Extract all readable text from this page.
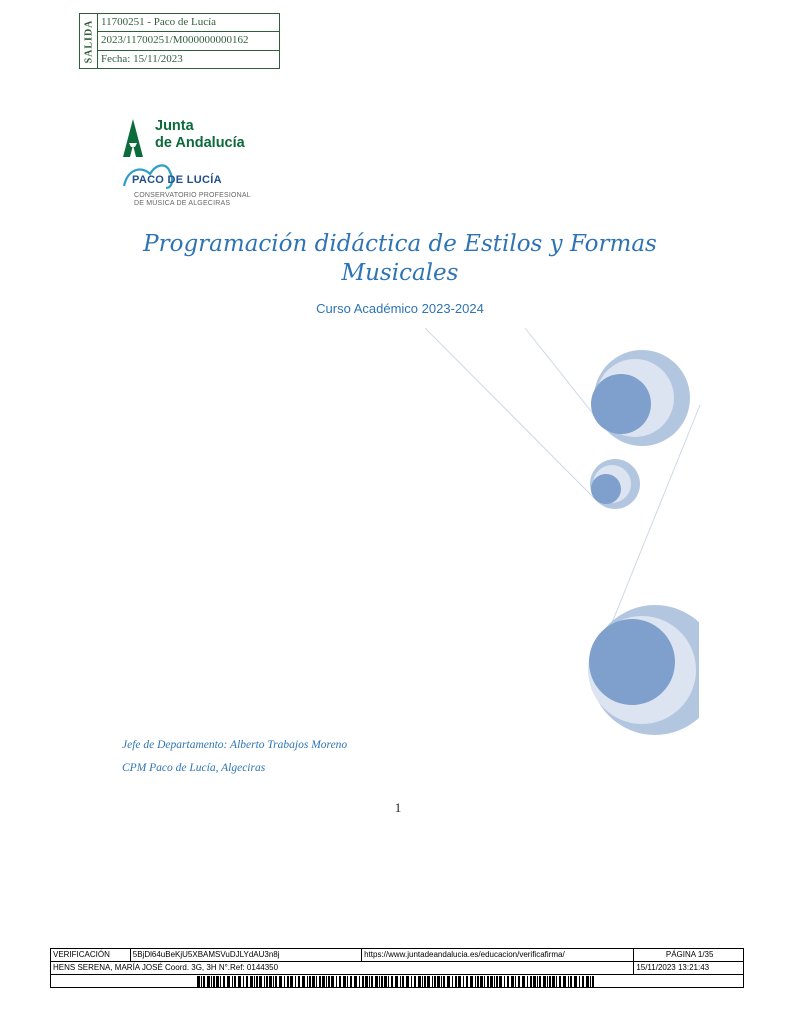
SALIDA 11700251 - Paco de Lucía
2023/11700251/M000000000162
Fecha: 15/11/2023
Junta
de Andalucía
PACO DE LUCÍA
CONSERVATORIO PROFESIONAL
DE MÚSICA DE ALGECIRAS
Programación didáctica de Estilos y Formas
Musicales
Curso Académico 2023-2024
Jefe de Departamento: Alberto Trabajos Moreno
CPM Paco de Lucía, Algeciras
1
VERIFICACIÓN	5BjDl64uBeKjU5XBAMSVuDJLYdAU3n8j	https://www.juntadeandalucia.es/educacion/verificafirma/	PÁGINA 1/35
HENS SERENA, MARÍA JOSÉ Coord. 3G, 3H N°.Ref: 0144350	15/11/2023 13:21:43
